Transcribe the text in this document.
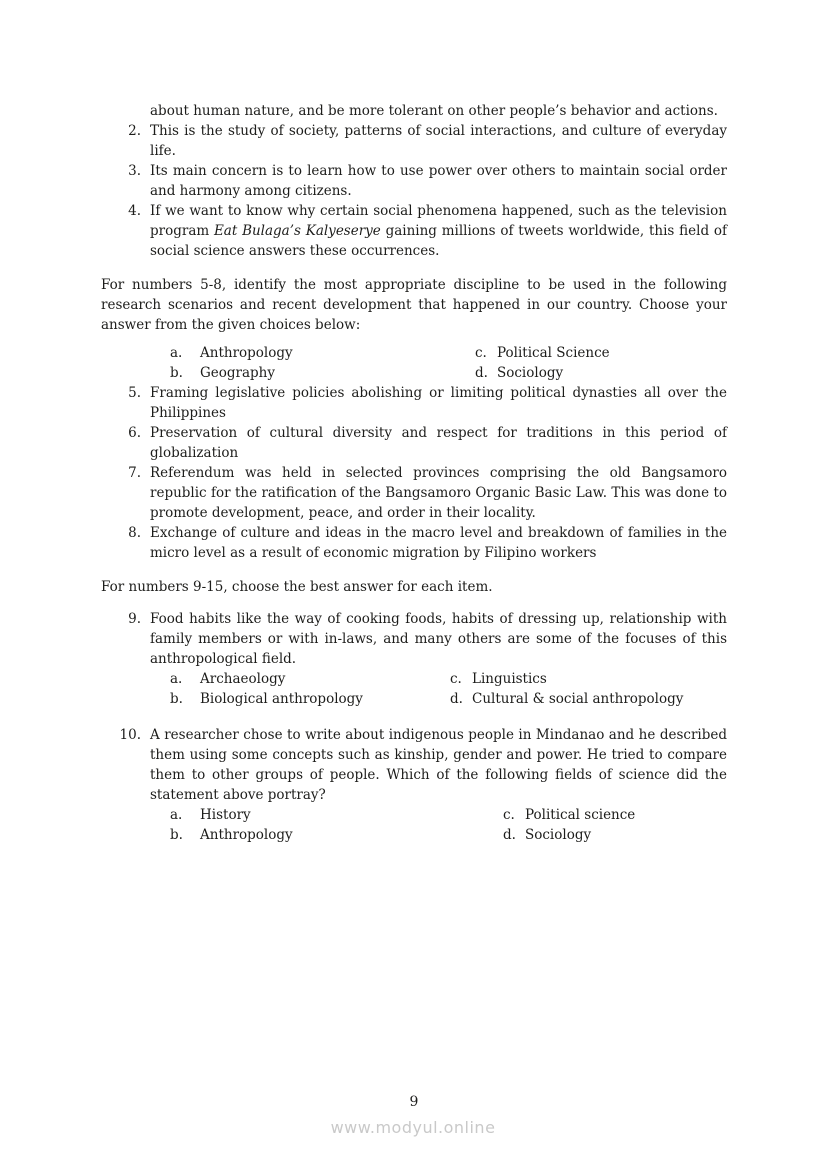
about human nature, and be more tolerant on other people’s behavior and actions.
2. This is the study of society, patterns of social interactions, and culture of everyday life.
3. Its main concern is to learn how to use power over others to maintain social order and harmony among citizens.
4. If we want to know why certain social phenomena happened, such as the television program Eat Bulaga’s Kalyeserye gaining millions of tweets worldwide, this field of social science answers these occurrences.
For numbers 5-8, identify the most appropriate discipline to be used in the following research scenarios and recent development that happened in our country. Choose your answer from the given choices below:
a.	Anthropology	c. Political Science
b.	Geography	d. Sociology
5. Framing legislative policies abolishing or limiting political dynasties all over the Philippines
6. Preservation of cultural diversity and respect for traditions in this period of globalization
7. Referendum was held in selected provinces comprising the old Bangsamoro republic for the ratification of the Bangsamoro Organic Basic Law. This was done to promote development, peace, and order in their locality.
8. Exchange of culture and ideas in the macro level and breakdown of families in the micro level as a result of economic migration by Filipino workers
For numbers 9-15, choose the best answer for each item.
9. Food habits like the way of cooking foods, habits of dressing up, relationship with family members or with in-laws, and many others are some of the focuses of this anthropological field.
a.	Archaeology	c. Linguistics
b.	Biological anthropology	d. Cultural & social anthropology
10. A researcher chose to write about indigenous people in Mindanao and he described them using some concepts such as kinship, gender and power. He tried to compare them to other groups of people. Which of the following fields of science did the statement above portray?
a.	History	c. Political science
b.	Anthropology	d. Sociology
9
www.modyul.online
